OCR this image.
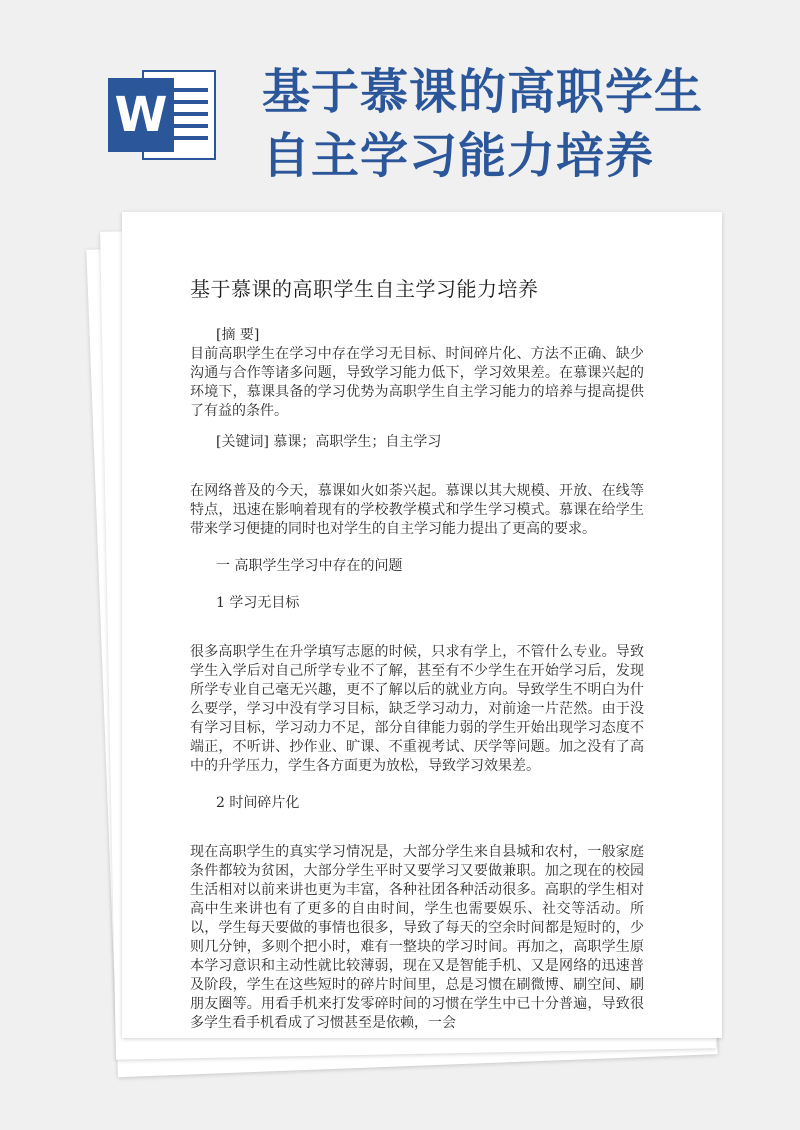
W 基于慕课的高职学生自主学习能力培养
基于慕课的高职学生自主学习能力培养

[摘 要]

目前高职学生在学习中存在学习无目标、时间碎片化、方法不正确、缺少沟通与合作等诸多问题，导致学习能力低下，学习效果差。在慕课兴起的环境下，慕课具备的学习优势为高职学生自主学习能力的培养与提高提供了有益的条件。

[关键词] 慕课；高职学生；自主学习

在网络普及的今天，慕课如火如荼兴起。慕课以其大规模、开放、在线等特点，迅速在影响着现有的学校教学模式和学生学习模式。慕课在给学生带来学习便捷的同时也对学生的自主学习能力提出了更高的要求。

一 高职学生学习中存在的问题

1 学习无目标

很多高职学生在升学填写志愿的时候，只求有学上，不管什么专业。导致学生入学后对自己所学专业不了解，甚至有不少学生在开始学习后，发现所学专业自己毫无兴趣，更不了解以后的就业方向。导致学生不明白为什么要学，学习中没有学习目标，缺乏学习动力，对前途一片茫然。由于没有学习目标，学习动力不足，部分自律能力弱的学生开始出现学习态度不端正，不听讲、抄作业、旷课、不重视考试、厌学等问题。加之没有了高中的升学压力，学生各方面更为放松，导致学习效果差。

2 时间碎片化

现在高职学生的真实学习情况是，大部分学生来自县城和农村，一般家庭条件都较为贫困，大部分学生平时又要学习又要做兼职。加之现在的校园生活相对以前来讲也更为丰富，各种社团各种活动很多。高职的学生相对高中生来讲也有了更多的自由时间，学生也需要娱乐、社交等活动。所以，学生每天要做的事情也很多，导致了每天的空余时间都是短时的，少则几分钟，多则个把小时，难有一整块的学习时间。再加之，高职学生原本学习意识和主动性就比较薄弱，现在又是智能手机、又是网络的迅速普及阶段，学生在这些短时的碎片时间里，总是习惯在刷微博、刷空间、刷朋友圈等。用看手机来打发零碎时间的习惯在学生中已十分普遍，导致很多学生看手机看成了习惯甚至是依赖，一会
